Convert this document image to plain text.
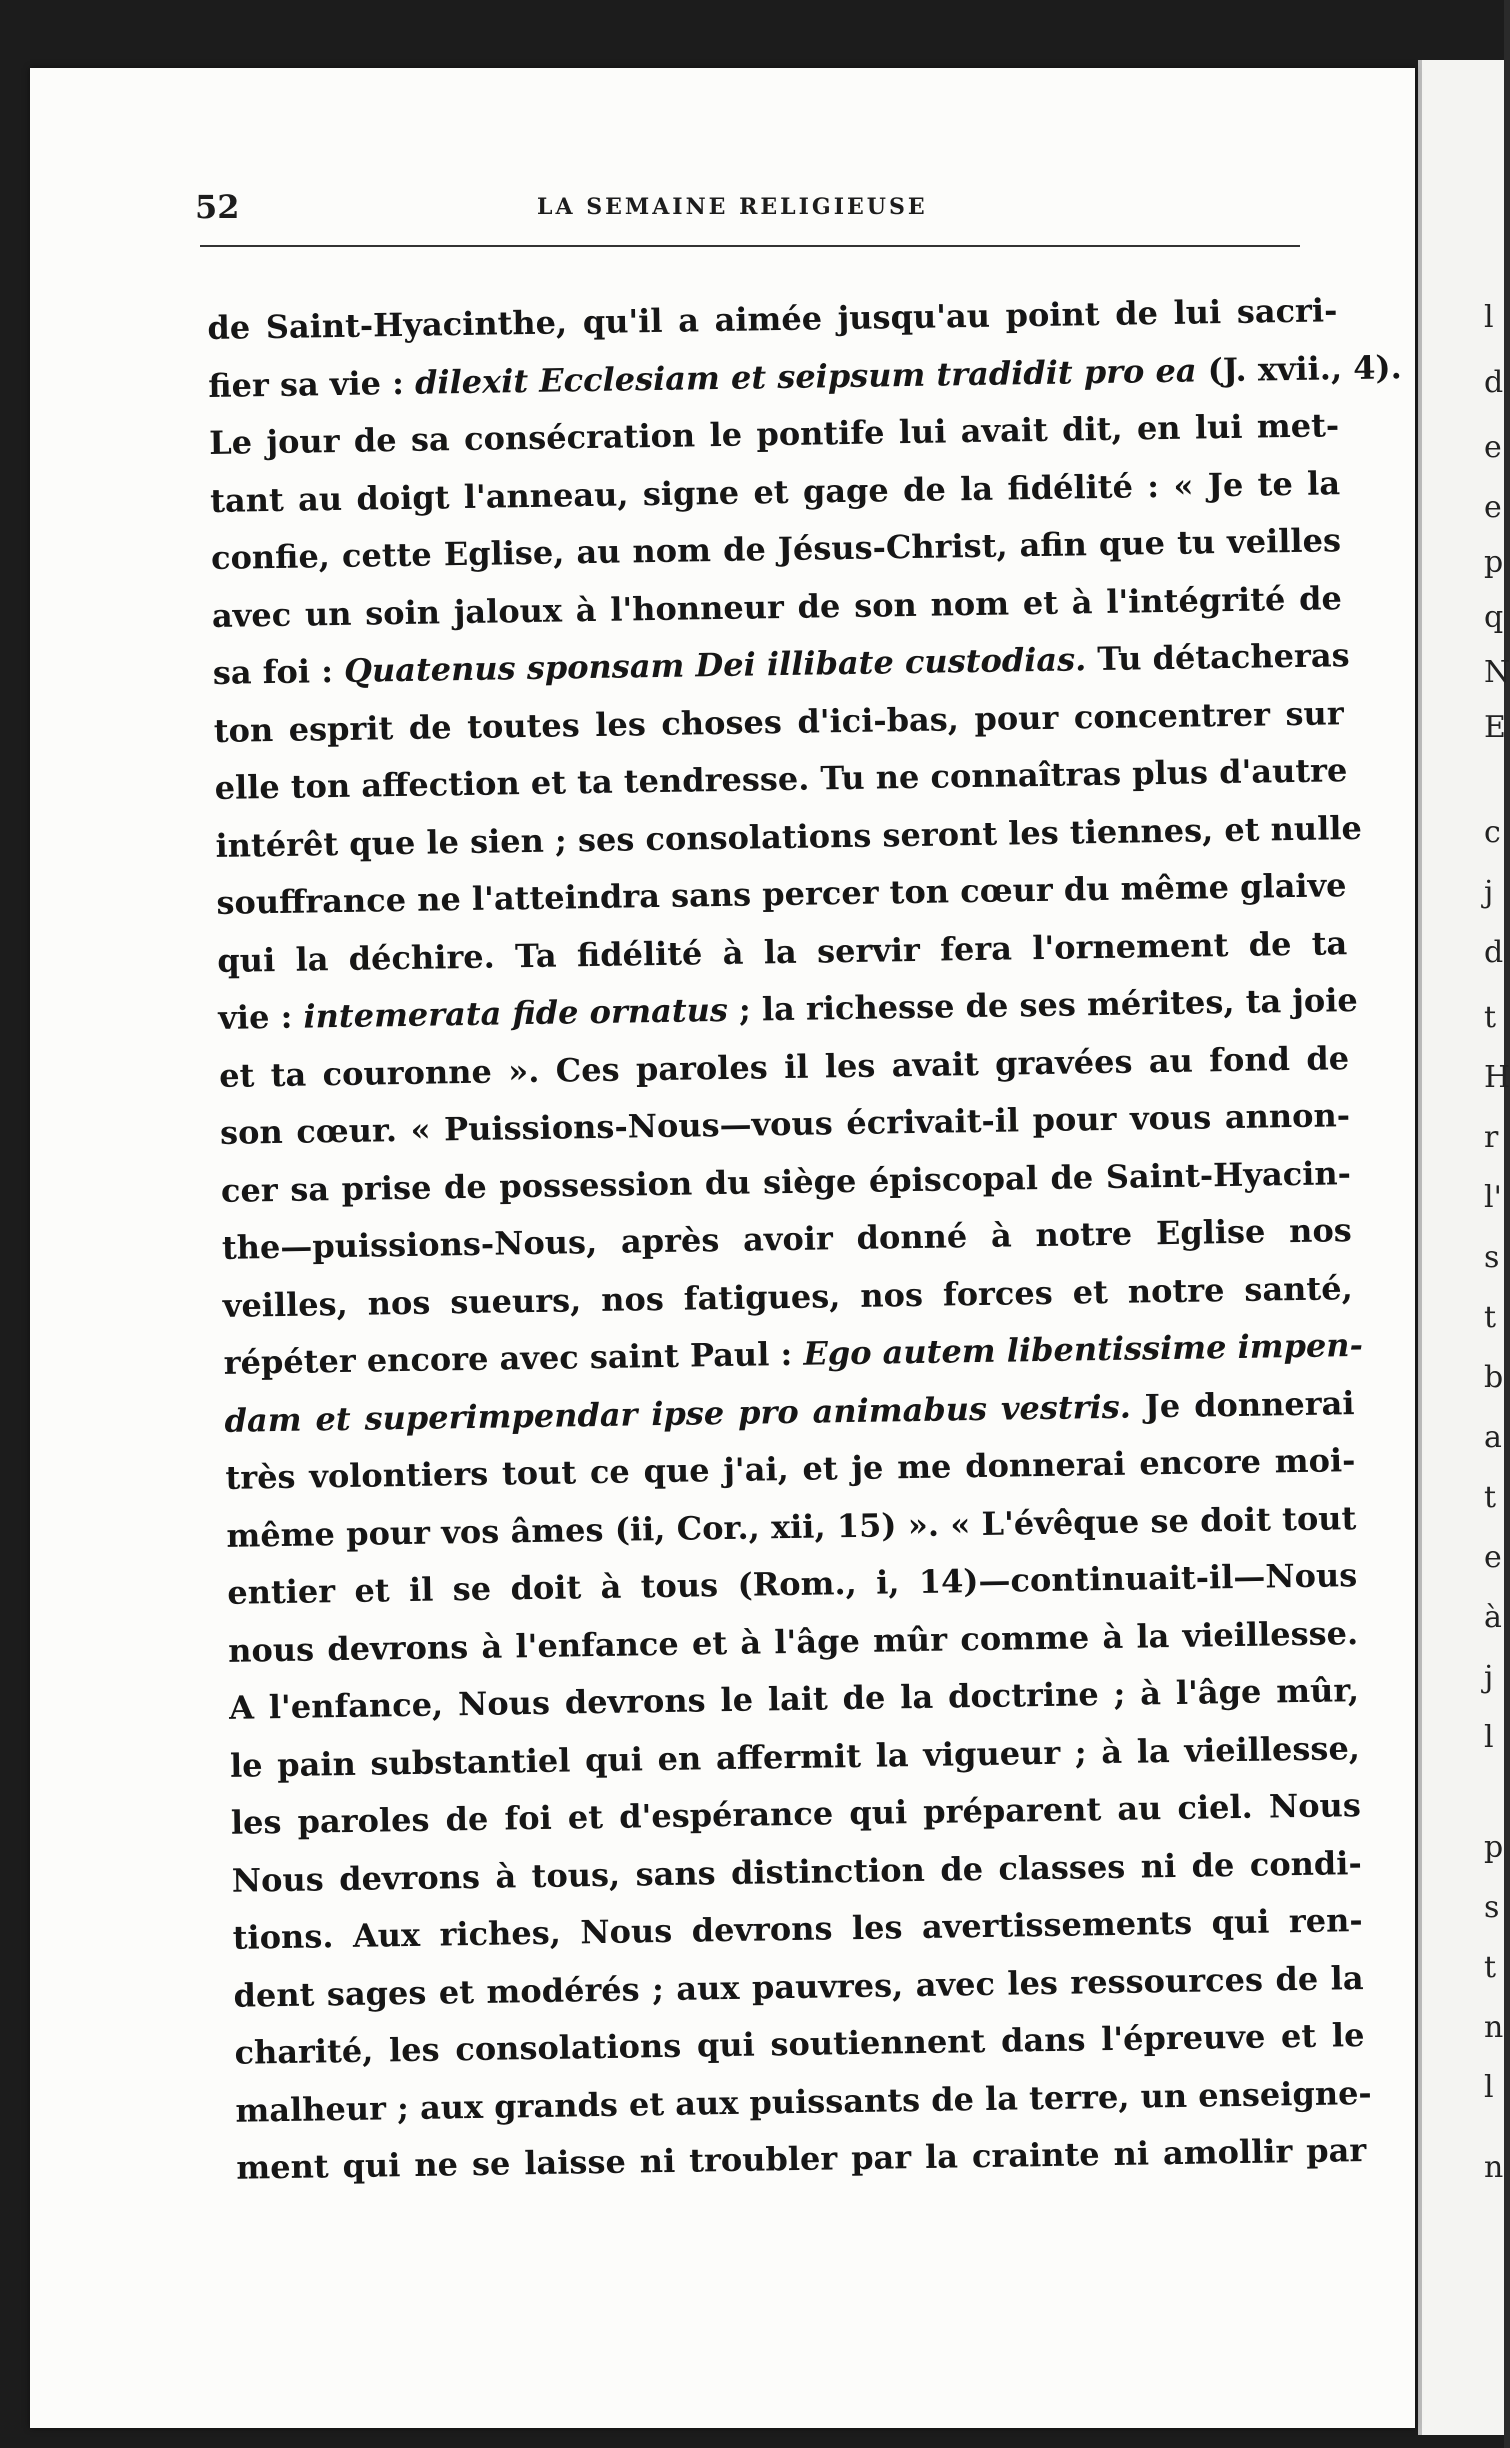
l
d
e
e
p
q
N
E
c
j
d
t
H
r
l'
s
t
b
a
t
e
à
j
l
p
s
t
n
l
n
52	LA SEMAINE RELIGIEUSE
de Saint-Hyacinthe, qu'il a aimée jusqu'au point de lui sacri-
fier sa vie : dilexit Ecclesiam et seipsum tradidit pro ea (J. xvii., 4).
Le jour de sa consécration le pontife lui avait dit, en lui met-
tant au doigt l'anneau, signe et gage de la fidélité : « Je te la
confie, cette Eglise, au nom de Jésus-Christ, afin que tu veilles
avec un soin jaloux à l'honneur de son nom et à l'intégrité de
sa foi : Quatenus sponsam Dei illibate custodias. Tu détacheras
ton esprit de toutes les choses d'ici-bas, pour concentrer sur
elle ton affection et ta tendresse. Tu ne connaîtras plus d'autre
intérêt que le sien ; ses consolations seront les tiennes, et nulle
souffrance ne l'atteindra sans percer ton cœur du même glaive
qui la déchire. Ta fidélité à la servir fera l'ornement de ta
vie : intemerata fide ornatus ; la richesse de ses mérites, ta joie
et ta couronne ». Ces paroles il les avait gravées au fond de
son cœur. « Puissions-Nous—vous écrivait-il pour vous annon-
cer sa prise de possession du siège épiscopal de Saint-Hyacin-
the—puissions-Nous, après avoir donné à notre Eglise nos
veilles, nos sueurs, nos fatigues, nos forces et notre santé,
répéter encore avec saint Paul : Ego autem libentissime impen-
dam et superimpendar ipse pro animabus vestris. Je donnerai
très volontiers tout ce que j'ai, et je me donnerai encore moi-
même pour vos âmes (ii, Cor., xii, 15) ». « L'évêque se doit tout
entier et il se doit à tous (Rom., i, 14)—continuait-il—Nous
nous devrons à l'enfance et à l'âge mûr comme à la vieillesse.
A l'enfance, Nous devrons le lait de la doctrine ; à l'âge mûr,
le pain substantiel qui en affermit la vigueur ; à la vieillesse,
les paroles de foi et d'espérance qui préparent au ciel. Nous
Nous devrons à tous, sans distinction de classes ni de condi-
tions. Aux riches, Nous devrons les avertissements qui ren-
dent sages et modérés ; aux pauvres, avec les ressources de la
charité, les consolations qui soutiennent dans l'épreuve et le
malheur ; aux grands et aux puissants de la terre, un enseigne-
ment qui ne se laisse ni troubler par la crainte ni amollir par
